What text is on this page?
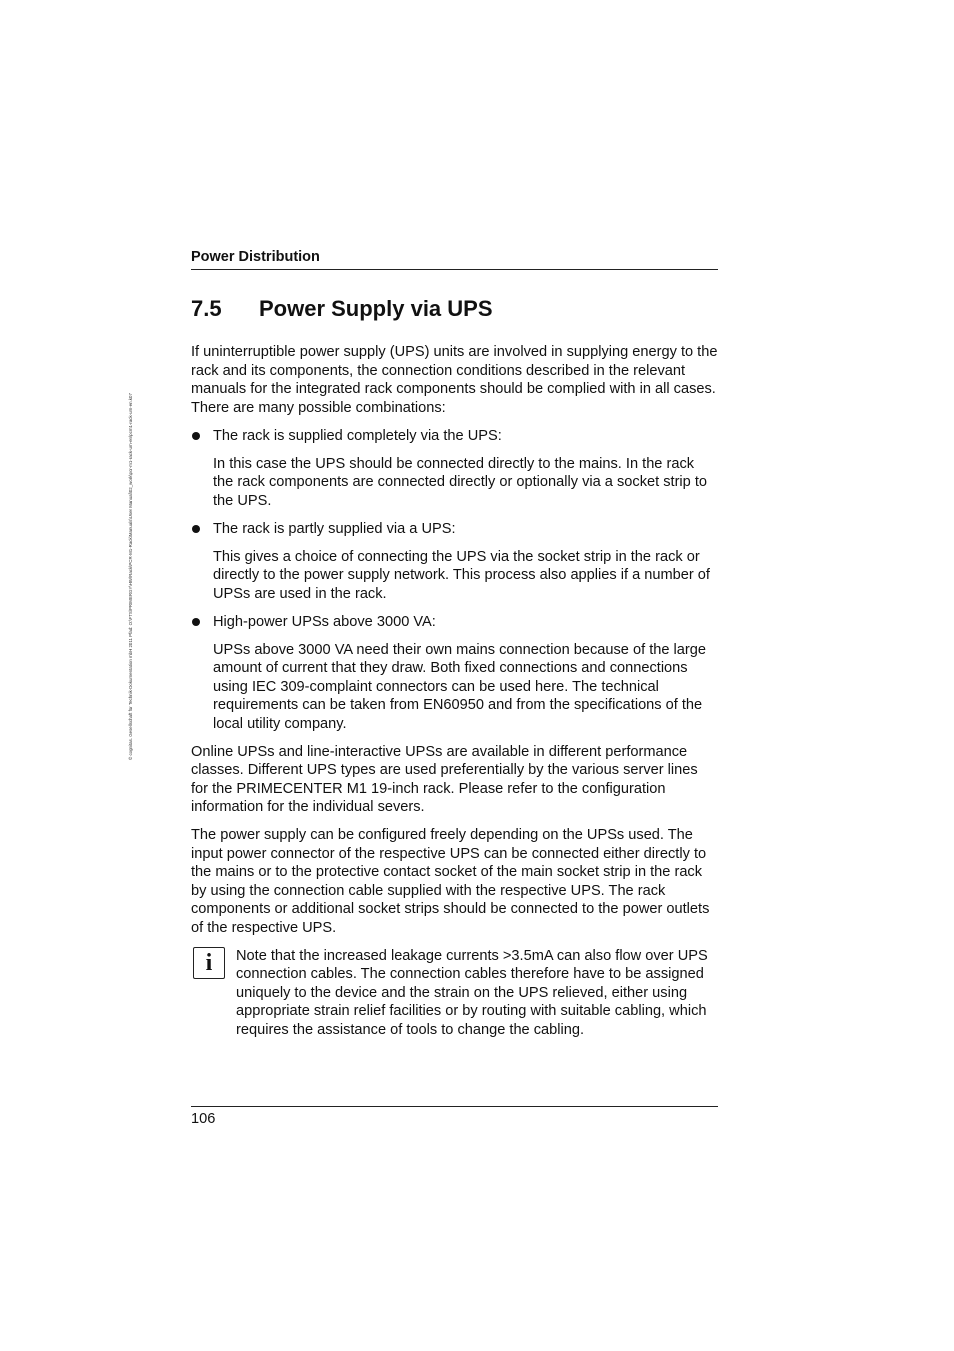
© cognitas. Gesellschaft für Technik-Dokumentation mbH 2011 Pfad: O:\FTS\PRIMERGY\HW\Rack\PCR-M1-Rack\Manuals\User Manual\02_work\pcr-m1-rack-um-en\pcm1-rack-um-en.k07
Power Distribution
7.5 Power Supply via UPS

If uninterruptible power supply (UPS) units are involved in supplying energy to the rack and its components, the connection conditions described in the relevant manuals for the integrated rack components should be complied with in all cases. There are many possible combinations:

The rack is supplied completely via the UPS:

In this case the UPS should be connected directly to the mains. In the rack the rack components are connected directly or optionally via a socket strip to the UPS.

The rack is partly supplied via a UPS:

This gives a choice of connecting the UPS via the socket strip in the rack or directly to the power supply network. This process also applies if a number of UPSs are used in the rack.

High-power UPSs above 3000 VA:

UPSs above 3000 VA need their own mains connection because of the large amount of current that they draw. Both fixed connections and connections using IEC 309-complaint connectors can be used here. The technical requirements can be taken from EN60950 and from the specifications of the local utility company.

Online UPSs and line-interactive UPSs are available in different performance classes. Different UPS types are used preferentially by the various server lines for the PRIMECENTER M1 19-inch rack. Please refer to the configuration information for the individual severs.

The power supply can be configured freely depending on the UPSs used. The input power connector of the respective UPS can be connected either directly to the mains or to the protective contact socket of the main socket strip in the rack by using the connection cable supplied with the respective UPS. The rack components or additional socket strips should be connected to the power outlets of the respective UPS.

i	Note that the increased leakage currents >3.5mA can also flow over UPS connection cables. The connection cables therefore have to be assigned uniquely to the device and the strain on the UPS relieved, either using appropriate strain relief facilities or by routing with suitable cabling, which requires the assistance of tools to change the cabling.
106
